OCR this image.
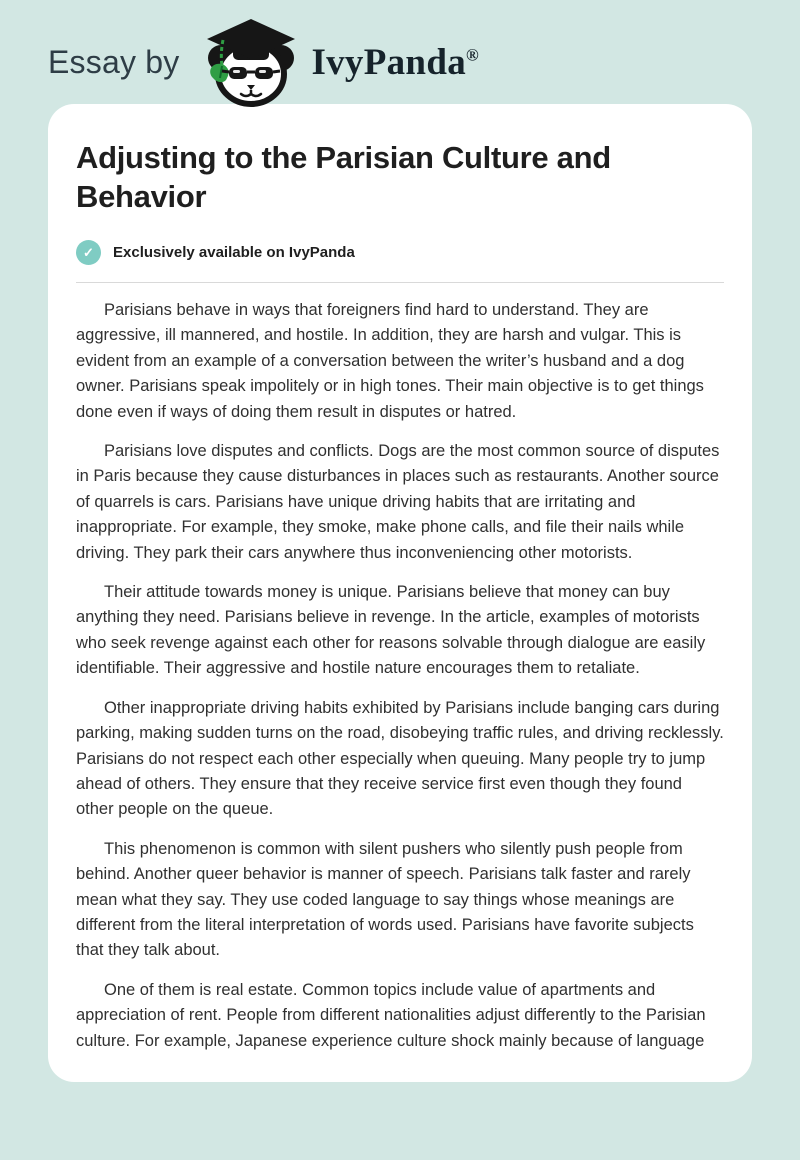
Essay by	IvyPanda®
Adjusting to the Parisian Culture and Behavior
✓	Exclusively available on IvyPanda

Parisians behave in ways that foreigners find hard to understand. They are aggressive, ill mannered, and hostile. In addition, they are harsh and vulgar. This is evident from an example of a conversation between the writer’s husband and a dog owner. Parisians speak impolitely or in high tones. Their main objective is to get things done even if ways of doing them result in disputes or hatred.

Parisians love disputes and conflicts. Dogs are the most common source of disputes in Paris because they cause disturbances in places such as restaurants. Another source of quarrels is cars. Parisians have unique driving habits that are irritating and inappropriate. For example, they smoke, make phone calls, and file their nails while driving. They park their cars anywhere thus inconveniencing other motorists.

Their attitude towards money is unique. Parisians believe that money can buy anything they need. Parisians believe in revenge. In the article, examples of motorists who seek revenge against each other for reasons solvable through dialogue are easily identifiable. Their aggressive and hostile nature encourages them to retaliate.

Other inappropriate driving habits exhibited by Parisians include banging cars during parking, making sudden turns on the road, disobeying traffic rules, and driving recklessly. Parisians do not respect each other especially when queuing. Many people try to jump ahead of others. They ensure that they receive service first even though they found other people on the queue.

This phenomenon is common with silent pushers who silently push people from behind. Another queer behavior is manner of speech. Parisians talk faster and rarely mean what they say. They use coded language to say things whose meanings are different from the literal interpretation of words used. Parisians have favorite subjects that they talk about.

One of them is real estate. Common topics include value of apartments and appreciation of rent. People from different nationalities adjust differently to the Parisian culture. For example, Japanese experience culture shock mainly because of language
